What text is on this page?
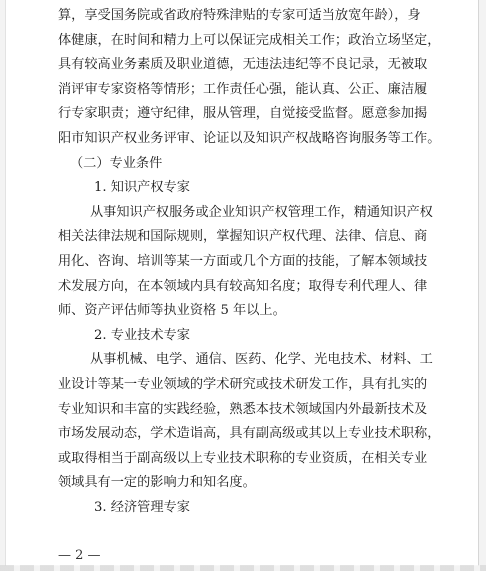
算，享受国务院或省政府特殊津贴的专家可适当放宽年龄），身
体健康，在时间和精力上可以保证完成相关工作；政治立场坚定，
具有较高业务素质及职业道德，无违法违纪等不良记录，无被取
消评审专家资格等情形；工作责任心强，能认真、公正、廉洁履
行专家职责；遵守纪律，服从管理，自觉接受监督。愿意参加揭
阳市知识产权业务评审、论证以及知识产权战略咨询服务等工作。
（二）专业条件
1. 知识产权专家
从事知识产权服务或企业知识产权管理工作，精通知识产权
相关法律法规和国际规则，掌握知识产权代理、法律、信息、商
用化、咨询、培训等某一方面或几个方面的技能，了解本领域技
术发展方向，在本领域内具有较高知名度；取得专利代理人、律
师、资产评估师等执业资格 5 年以上。
2. 专业技术专家
从事机械、电学、通信、医药、化学、光电技术、材料、工
业设计等某一专业领域的学术研究或技术研发工作，具有扎实的
专业知识和丰富的实践经验，熟悉本技术领域国内外最新技术及
市场发展动态，学术造诣高，具有副高级或其以上专业技术职称，
或取得相当于副高级以上专业技术职称的专业资质，在相关专业
领域具有一定的影响力和知名度。
3. 经济管理专家
— 2 —
